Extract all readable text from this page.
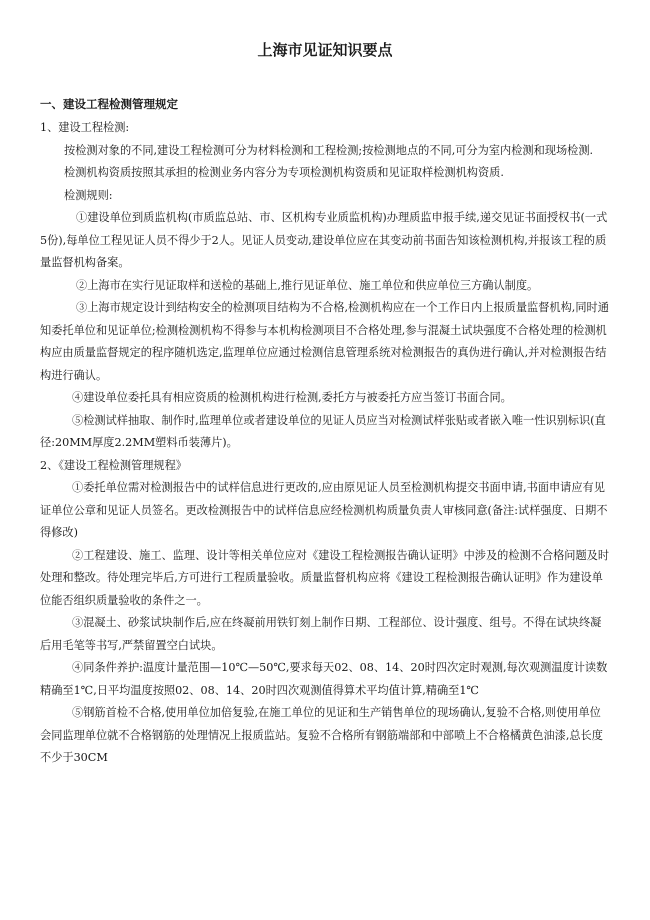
上海市见证知识要点
一、建设工程检测管理规定

1、建设工程检测:

按检测对象的不同,建设工程检测可分为材料检测和工程检测;按检测地点的不同,可分为室内检测和现场检测.

检测机构资质按照其承担的检测业务内容分为专项检测机构资质和见证取样检测机构资质.

检测规则:

①建设单位到质监机构(市质监总站、市、区机构专业质监机构)办理质监申报手续,递交见证书面授权书(一式5份),每单位工程见证人员不得少于2人。见证人员变动,建设单位应在其变动前书面告知该检测机构,并报该工程的质量监督机构备案。

②上海市在实行见证取样和送检的基础上,推行见证单位、施工单位和供应单位三方确认制度。

③上海市规定设计到结构安全的检测项目结构为不合格,检测机构应在一个工作日内上报质量监督机构,同时通知委托单位和见证单位;检测检测机构不得参与本机构检测项目不合格处理,参与混凝土试块强度不合格处理的检测机构应由质量监督规定的程序随机选定,监理单位应通过检测信息管理系统对检测报告的真伪进行确认,并对检测报告结构进行确认。

④建设单位委托具有相应资质的检测机构进行检测,委托方与被委托方应当签订书面合同。

⑤检测试样抽取、制作时,监理单位或者建设单位的见证人员应当对检测试样张贴或者嵌入唯一性识别标识(直径:20MM厚度2.2MM塑料币装薄片)。

2、《建设工程检测管理规程》

①委托单位需对检测报告中的试样信息进行更改的,应由原见证人员至检测机构提交书面申请,书面申请应有见证单位公章和见证人员签名。更改检测报告中的试样信息应经检测机构质量负责人审核同意(备注:试样强度、日期不得修改)

②工程建设、施工、监理、设计等相关单位应对《建设工程检测报告确认证明》中涉及的检测不合格问题及时处理和整改。待处理完毕后,方可进行工程质量验收。质量监督机构应将《建设工程检测报告确认证明》作为建设单位能否组织质量验收的条件之一。

③混凝土、砂浆试块制作后,应在终凝前用铁钉刻上制作日期、工程部位、设计强度、组号。不得在试块终凝后用毛笔等书写,严禁留置空白试块。

④同条件养护:温度计量范围—10℃—50℃,要求每天02、08、14、20时四次定时观测,每次观测温度计读数精确至1℃,日平均温度按照02、08、14、20时四次观测值得算术平均值计算,精确至1℃

⑤钢筋首检不合格,使用单位加倍复验,在施工单位的见证和生产销售单位的现场确认,复验不合格,则使用单位会同监理单位就不合格钢筋的处理情况上报质监站。复验不合格所有钢筋端部和中部喷上不合格橘黄色油漆,总长度不少于30CM
